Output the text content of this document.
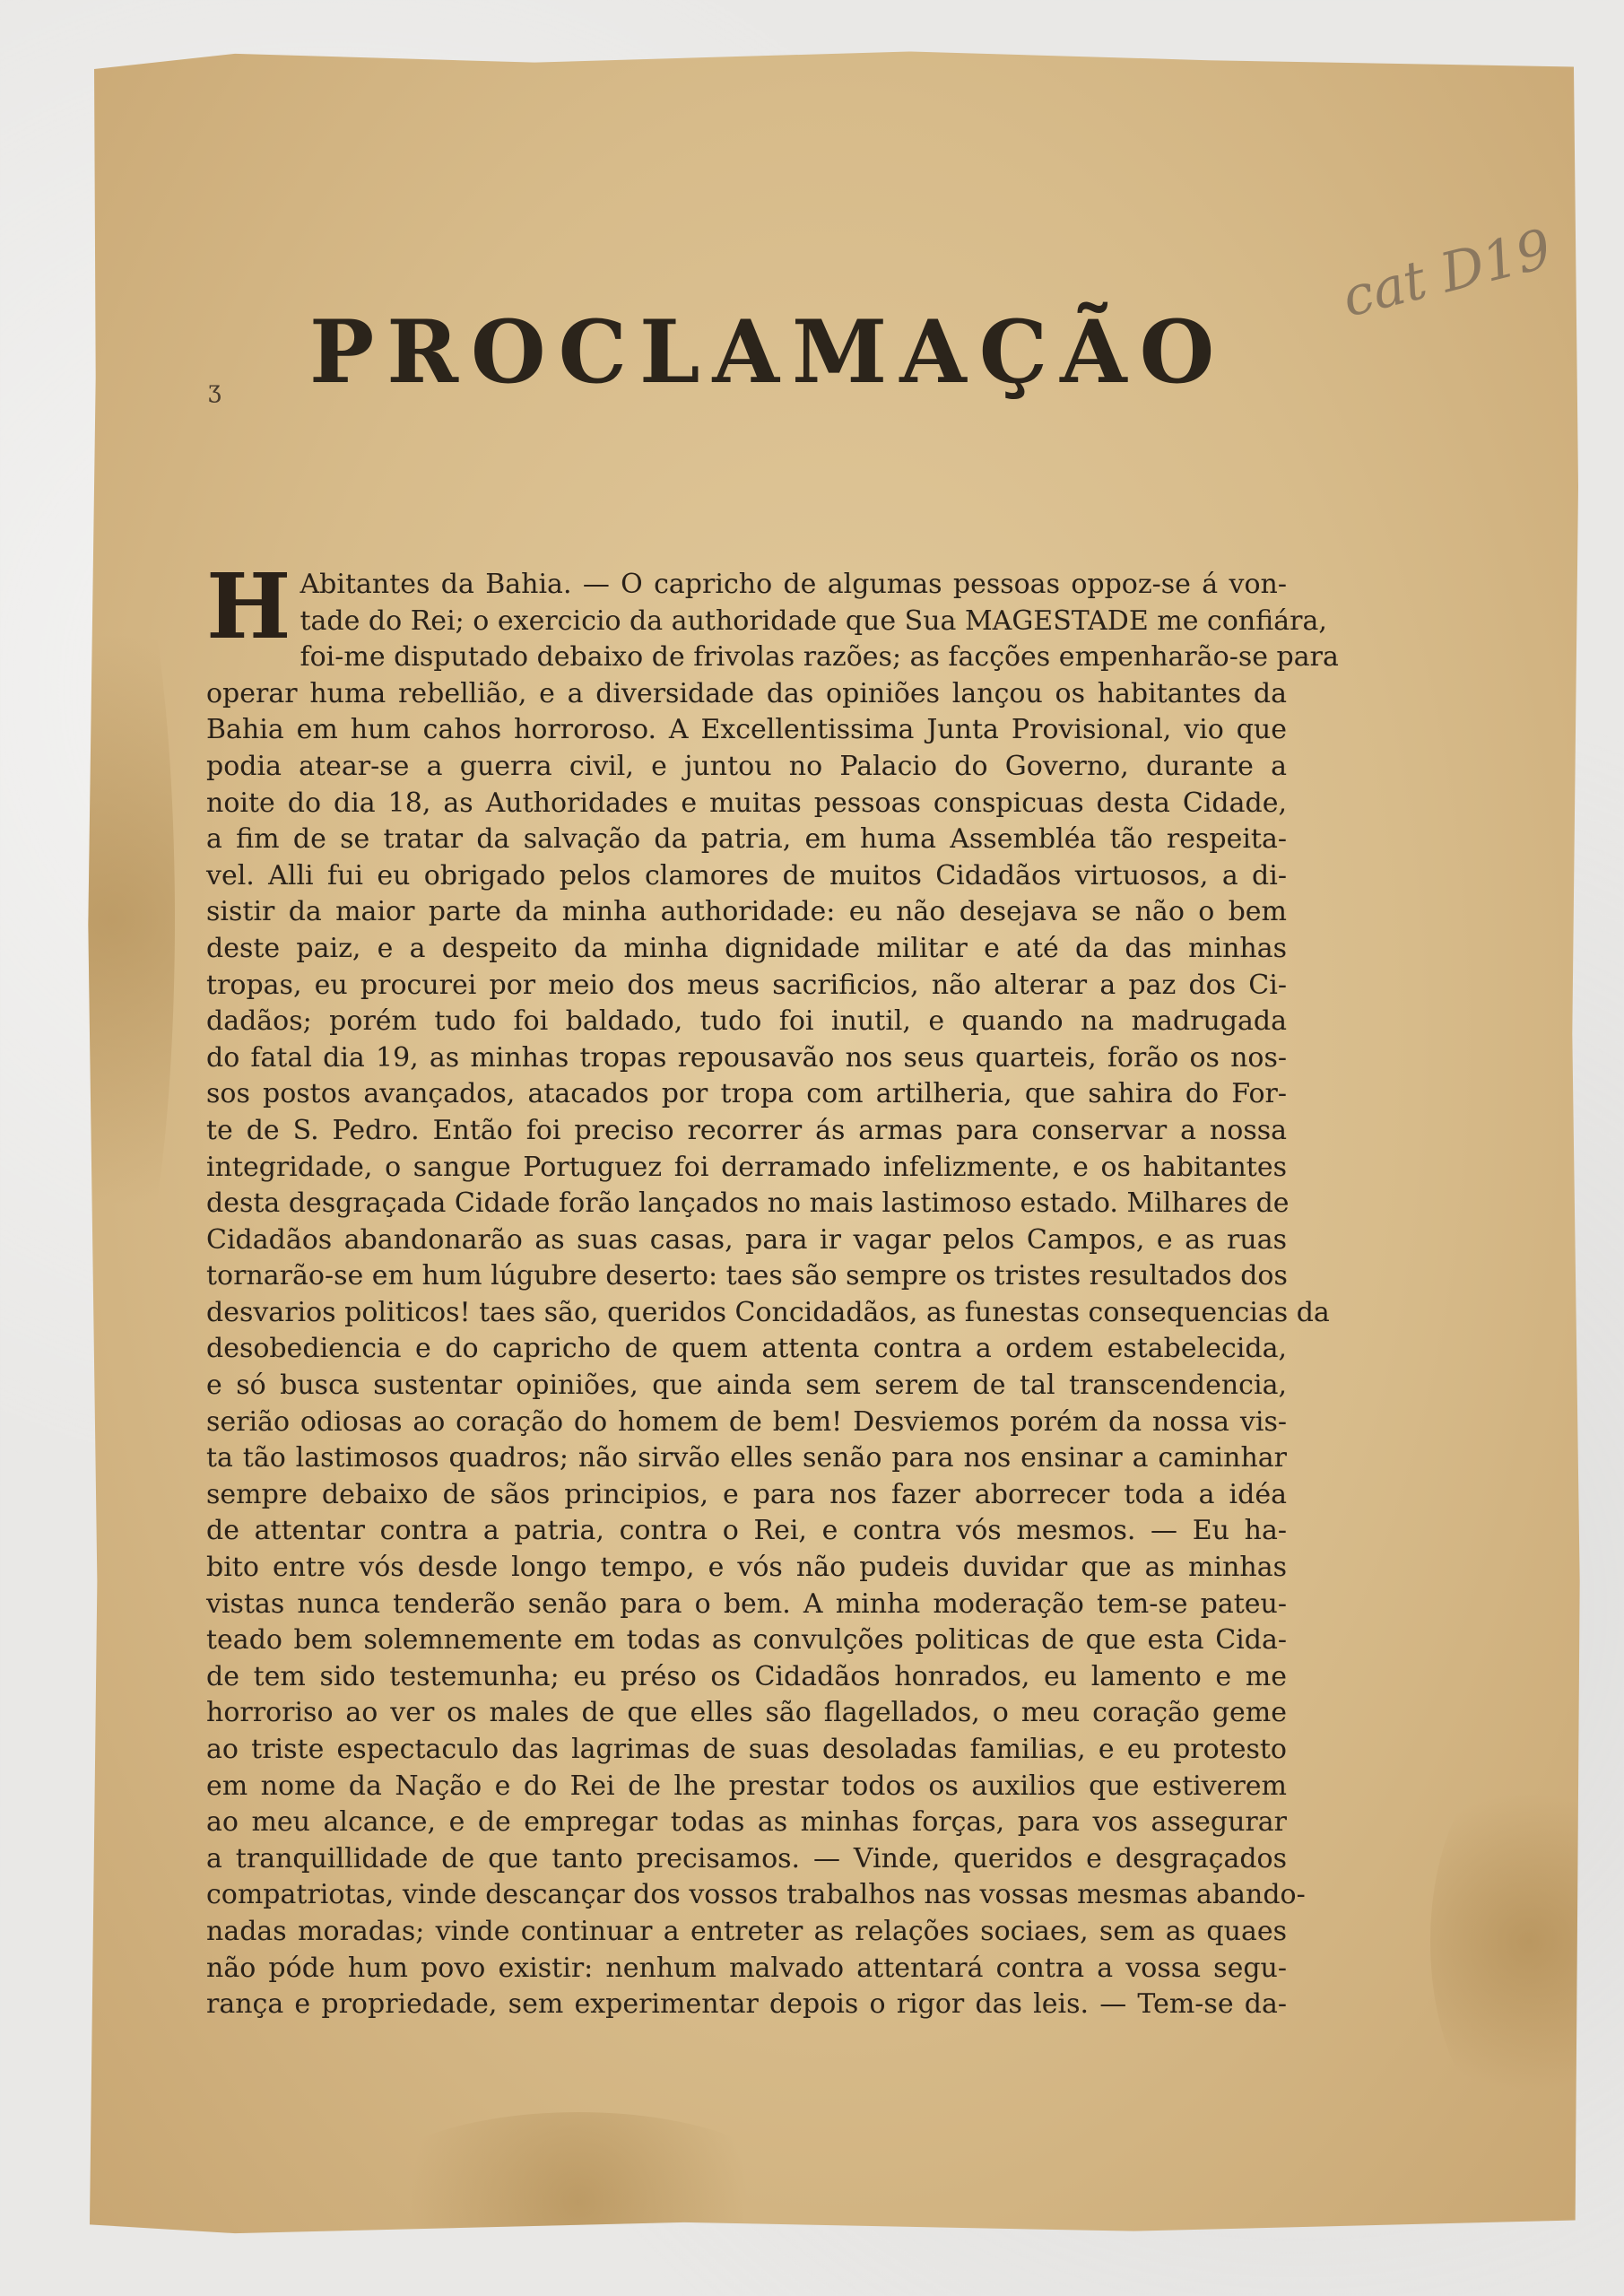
cat D19
ʒ PROCLAMAÇÃO
H Abitantes da Bahia. — O capricho de algumas pessoas oppoz-se á von-
tade do Rei; o exercicio da authoridade que Sua MAGESTADE me confiára,
foi-me disputado debaixo de frivolas razões; as facções empenharão-se para
operar huma rebellião, e a diversidade das opiniões lançou os habitantes da
Bahia em hum cahos horroroso. A Excellentissima Junta Provisional, vio que
podia atear-se a guerra civil, e juntou no Palacio do Governo, durante a
noite do dia 18, as Authoridades e muitas pessoas conspicuas desta Cidade,
a fim de se tratar da salvação da patria, em huma Assembléa tão respeita-
vel. Alli fui eu obrigado pelos clamores de muitos Cidadãos virtuosos, a di-
sistir da maior parte da minha authoridade: eu não desejava se não o bem
deste paiz, e a despeito da minha dignidade militar e até da das minhas
tropas, eu procurei por meio dos meus sacrificios, não alterar a paz dos Ci-
dadãos; porém tudo foi baldado, tudo foi inutil, e quando na madrugada
do fatal dia 19, as minhas tropas repousavão nos seus quarteis, forão os nos-
sos postos avançados, atacados por tropa com artilheria, que sahira do For-
te de S. Pedro. Então foi preciso recorrer ás armas para conservar a nossa
integridade, o sangue Portuguez foi derramado infelizmente, e os habitantes
desta desgraçada Cidade forão lançados no mais lastimoso estado. Milhares de
Cidadãos abandonarão as suas casas, para ir vagar pelos Campos, e as ruas
tornarão-se em hum lúgubre deserto: taes são sempre os tristes resultados dos
desvarios politicos! taes são, queridos Concidadãos, as funestas consequencias da
desobediencia e do capricho de quem attenta contra a ordem estabelecida,
e só busca sustentar opiniões, que ainda sem serem de tal transcendencia,
serião odiosas ao coração do homem de bem! Desviemos porém da nossa vis-
ta tão lastimosos quadros; não sirvão elles senão para nos ensinar a caminhar
sempre debaixo de sãos principios, e para nos fazer aborrecer toda a idéa
de attentar contra a patria, contra o Rei, e contra vós mesmos. — Eu ha-
bito entre vós desde longo tempo, e vós não pudeis duvidar que as minhas
vistas nunca tenderão senão para o bem. A minha moderação tem-se pateu-
teado bem solemnemente em todas as convulções politicas de que esta Cida-
de tem sido testemunha; eu préso os Cidadãos honrados, eu lamento e me
horroriso ao ver os males de que elles são flagellados, o meu coração geme
ao triste espectaculo das lagrimas de suas desoladas familias, e eu protesto
em nome da Nação e do Rei de lhe prestar todos os auxilios que estiverem
ao meu alcance, e de empregar todas as minhas forças, para vos assegurar
a tranquillidade de que tanto precisamos. — Vinde, queridos e desgraçados
compatriotas, vinde descançar dos vossos trabalhos nas vossas mesmas abando-
nadas moradas; vinde continuar a entreter as relações sociaes, sem as quaes
não póde hum povo existir: nenhum malvado attentará contra a vossa segu-
rança e propriedade, sem experimentar depois o rigor das leis. — Tem-se da-
